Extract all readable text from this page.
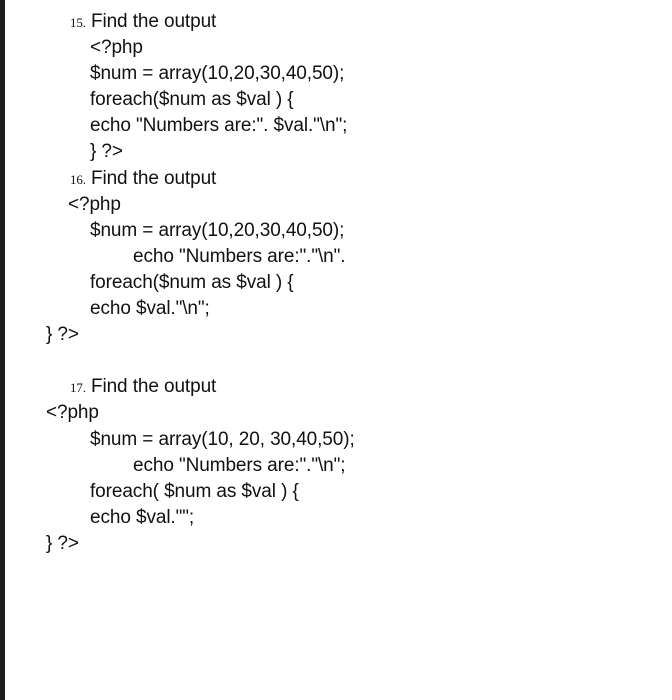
15. Find the output
<?php
$num = array(10,20,30,40,50);
foreach($num as $val ) {
echo "Numbers are:". $val."\n";
} ?>
16. Find the output
<?php
$num = array(10,20,30,40,50);
echo "Numbers are:"."\n".
foreach($num as $val ) {
echo $val."\n";
} ?>
17. Find the output
<?php
$num = array(10, 20, 30,40,50);
echo "Numbers are:"."\n";
foreach( $num as $val ) {
echo $val."";
} ?>
